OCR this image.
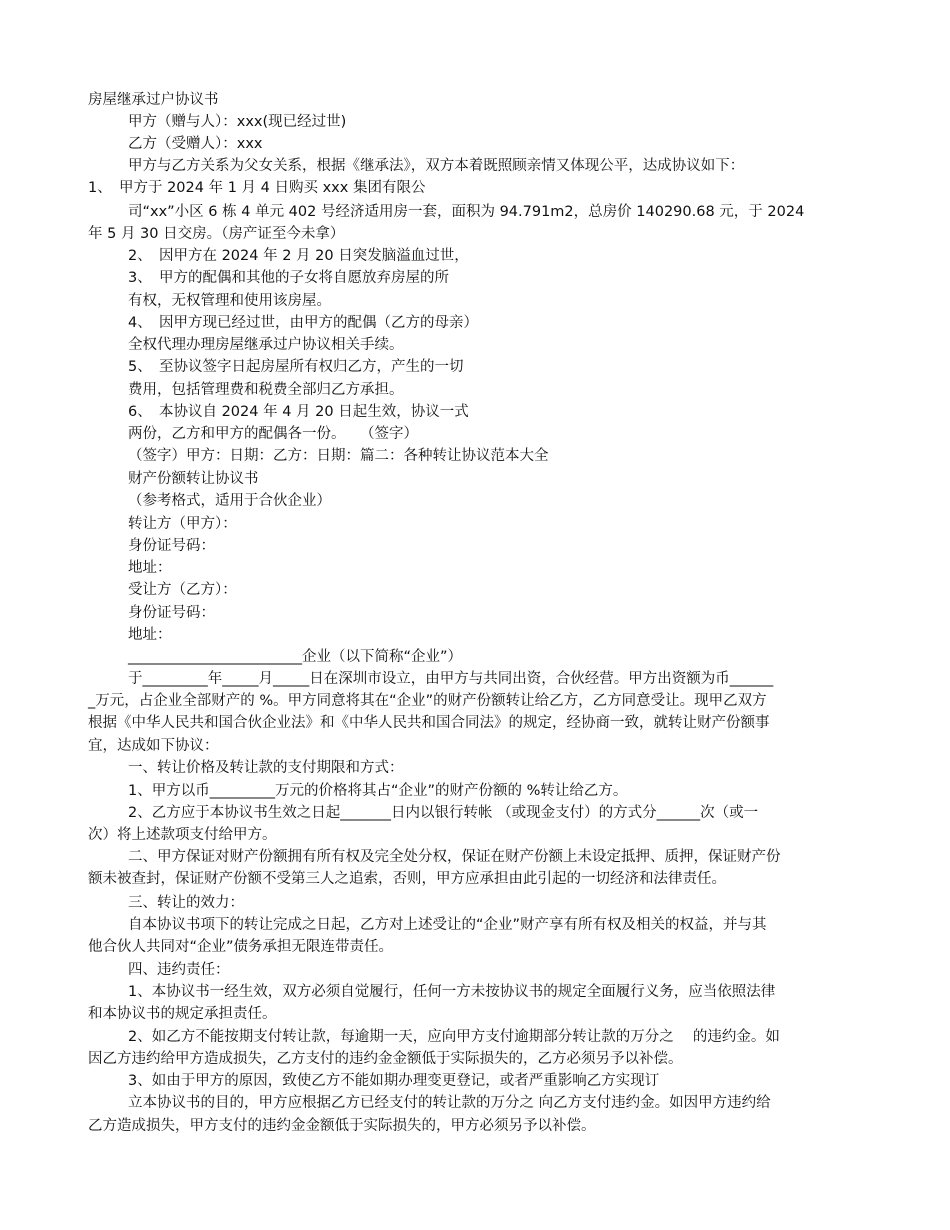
房屋继承过户协议书
甲方（赠与人）：xxx(现已经过世)
乙方（受赠人）：xxx
甲方与乙方关系为父女关系，根据《继承法》，双方本着既照顾亲情又体现公平，达成协议如下：
1、　甲方于 2024 年 1 月 4 日购买 xxx 集团有限公
司“xx”小区 6 栋 4 单元 402 号经济适用房一套，面积为 94.791m2，总房价 140290.68 元，于 2024
年 5 月 30 日交房。（房产证至今未拿）
2、　因甲方在 2024 年 2 月 20 日突发脑溢血过世，
3、　甲方的配偶和其他的子女将自愿放弃房屋的所
有权，无权管理和使用该房屋。
4、　因甲方现已经过世，由甲方的配偶（乙方的母亲）
全权代理办理房屋继承过户协议相关手续。
5、　至协议签字日起房屋所有权归乙方，产生的一切
费用，包括管理费和税费全部归乙方承担。
6、　本协议自 2024 年 4 月 20 日起生效，协议一式
两份，乙方和甲方的配偶各一份。　　（签字）
（签字）甲方：日期：乙方：日期：篇二：各种转让协议范本大全
财产份额转让协议书
（参考格式，适用于合伙企业）
转让方（甲方）：
身份证号码：
地址：
受让方（乙方）：
身份证号码：
地址：
________________________企业（以下简称“企业”）
于_________年_____月_____日在深圳市设立，由甲方与共同出资，合伙经营。甲方出资额为币______
_万元，占企业全部财产的 %。甲方同意将其在“企业”的财产份额转让给乙方，乙方同意受让。现甲乙双方
根据《中华人民共和国合伙企业法》和《中华人民共和国合同法》的规定，经协商一致，就转让财产份额事
宜，达成如下协议：
一、转让价格及转让款的支付期限和方式：
1、甲方以币_________万元的价格将其占“企业”的财产份额的 %转让给乙方。
2、乙方应于本协议书生效之日起_______日内以银行转帐 （或现金支付）的方式分______次（或一
次）将上述款项支付给甲方。
二、甲方保证对财产份额拥有所有权及完全处分权，保证在财产份额上未设定抵押、质押，保证财产份
额未被查封，保证财产份额不受第三人之追索，否则，甲方应承担由此引起的一切经济和法律责任。
三、转让的效力：
自本协议书项下的转让完成之日起，乙方对上述受让的“企业”财产享有所有权及相关的权益，并与其
他合伙人共同对“企业”债务承担无限连带责任。
四、违约责任：
1、本协议书一经生效，双方必须自觉履行，任何一方未按协议书的规定全面履行义务，应当依照法律
和本协议书的规定承担责任。
2、如乙方不能按期支付转让款，每逾期一天，应向甲方支付逾期部分转让款的万分之　 的违约金。如
因乙方违约给甲方造成损失，乙方支付的违约金金额低于实际损失的，乙方必须另予以补偿。
3、如由于甲方的原因，致使乙方不能如期办理变更登记，或者严重影响乙方实现订
立本协议书的目的，甲方应根据乙方已经支付的转让款的万分之 向乙方支付违约金。如因甲方违约给
乙方造成损失，甲方支付的违约金金额低于实际损失的，甲方必须另予以补偿。
